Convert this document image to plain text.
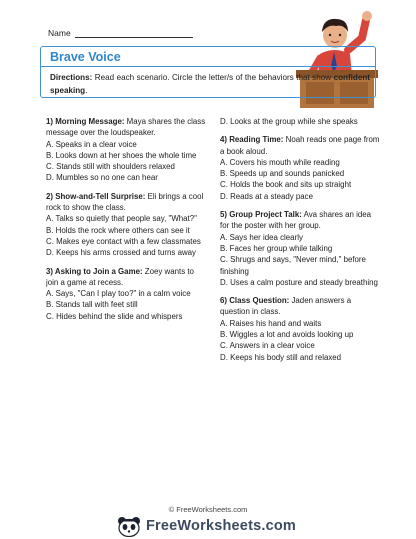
Name
Brave Voice
Directions: Read each scenario. Circle the letter/s of the behaviors that show confident speaking.

1) Morning Message: Maya shares the class message over the loudspeaker.

A. Speaks in a clear voice

B. Looks down at her shoes the whole time

C. Stands still with shoulders relaxed

D. Mumbles so no one can hear

2) Show-and-Tell Surprise: Eli brings a cool rock to show the class.

A. Talks so quietly that people say, "What?"

B. Holds the rock where others can see it

C. Makes eye contact with a few classmates

D. Keeps his arms crossed and turns away

3) Asking to Join a Game: Zoey wants to join a game at recess.

A. Says, "Can I play too?" in a calm voice

B. Stands tall with feet still

C. Hides behind the slide and whispers

D. Looks at the group while she speaks

4) Reading Time: Noah reads one page from a book aloud.

A. Covers his mouth while reading

B. Speeds up and sounds panicked

C. Holds the book and sits up straight

D. Reads at a steady pace

5) Group Project Talk: Ava shares an idea for the poster with her group.

A. Says her idea clearly

B. Faces her group while talking

C. Shrugs and says, "Never mind," before finishing

D. Uses a calm posture and steady breathing

6) Class Question: Jaden answers a question in class.

A. Raises his hand and waits

B. Wiggles a lot and avoids looking up

C. Answers in a clear voice

D. Keeps his body still and relaxed

© FreeWorksheets.com
FreeWorksheets.com
